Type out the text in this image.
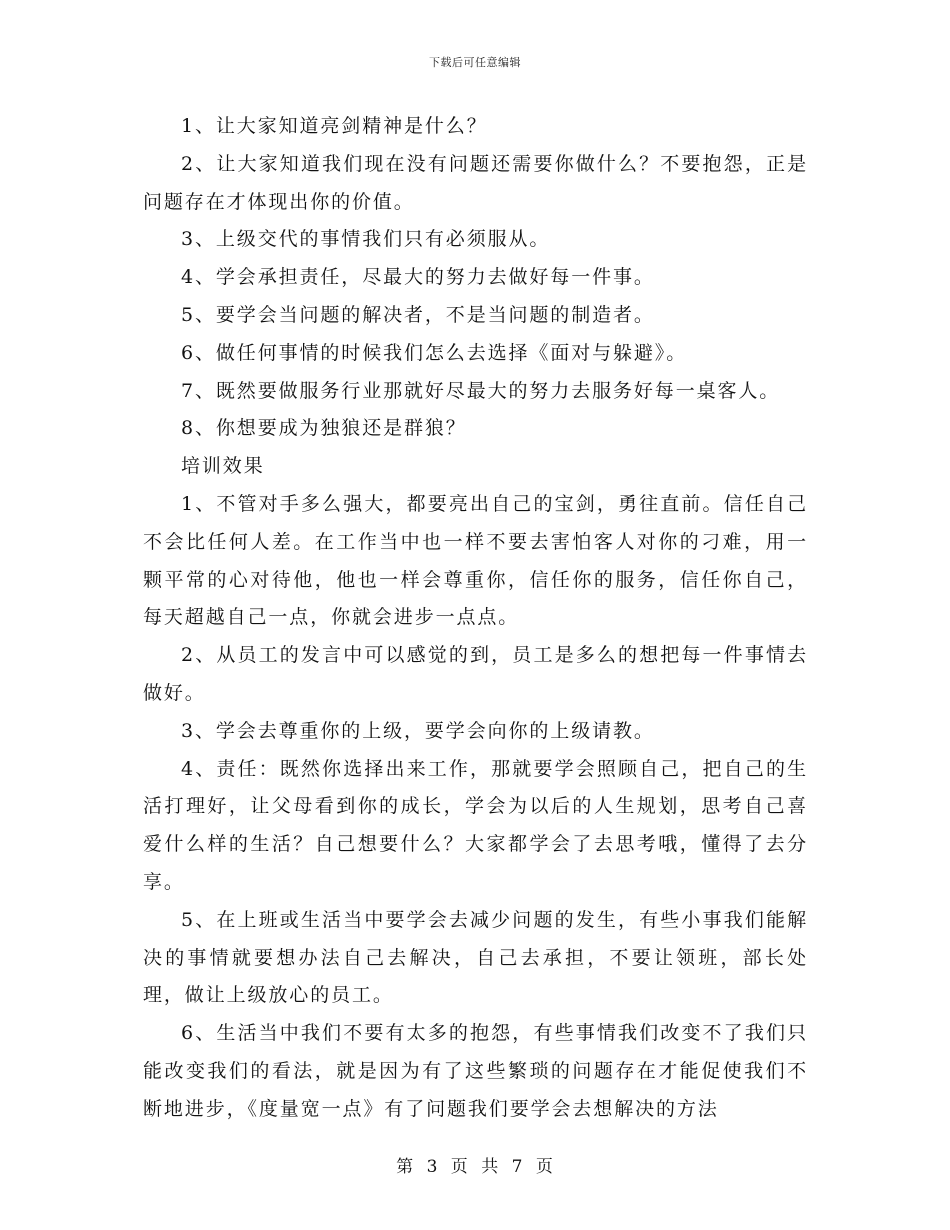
下载后可任意编辑

1、让大家知道亮剑精神是什么？

2、让大家知道我们现在没有问题还需要你做什么？不要抱怨，正是问题存在才体现出你的价值。

3、上级交代的事情我们只有必须服从。

4、学会承担责任，尽最大的努力去做好每一件事。

5、要学会当问题的解决者，不是当问题的制造者。

6、做任何事情的时候我们怎么去选择《面对与躲避》。

7、既然要做服务行业那就好尽最大的努力去服务好每一桌客人。

8、你想要成为独狼还是群狼？

培训效果

1、不管对手多么强大，都要亮出自己的宝剑，勇往直前。信任自己不会比任何人差。在工作当中也一样不要去害怕客人对你的刁难，用一颗平常的心对待他，他也一样会尊重你，信任你的服务，信任你自己，每天超越自己一点，你就会进步一点点。

2、从员工的发言中可以感觉的到，员工是多么的想把每一件事情去做好。

3、学会去尊重你的上级，要学会向你的上级请教。

4、责任：既然你选择出来工作，那就要学会照顾自己，把自己的生活打理好，让父母看到你的成长，学会为以后的人生规划，思考自己喜爱什么样的生活？自己想要什么？大家都学会了去思考哦，懂得了去分享。

5、在上班或生活当中要学会去减少问题的发生，有些小事我们能解决的事情就要想办法自己去解决，自己去承担，不要让领班，部长处理，做让上级放心的员工。

6、生活当中我们不要有太多的抱怨，有些事情我们改变不了我们只能改变我们的看法，就是因为有了这些繁琐的问题存在才能促使我们不断地进步，《度量宽一点》有了问题我们要学会去想解决的方法

第 3 页 共 7 页
